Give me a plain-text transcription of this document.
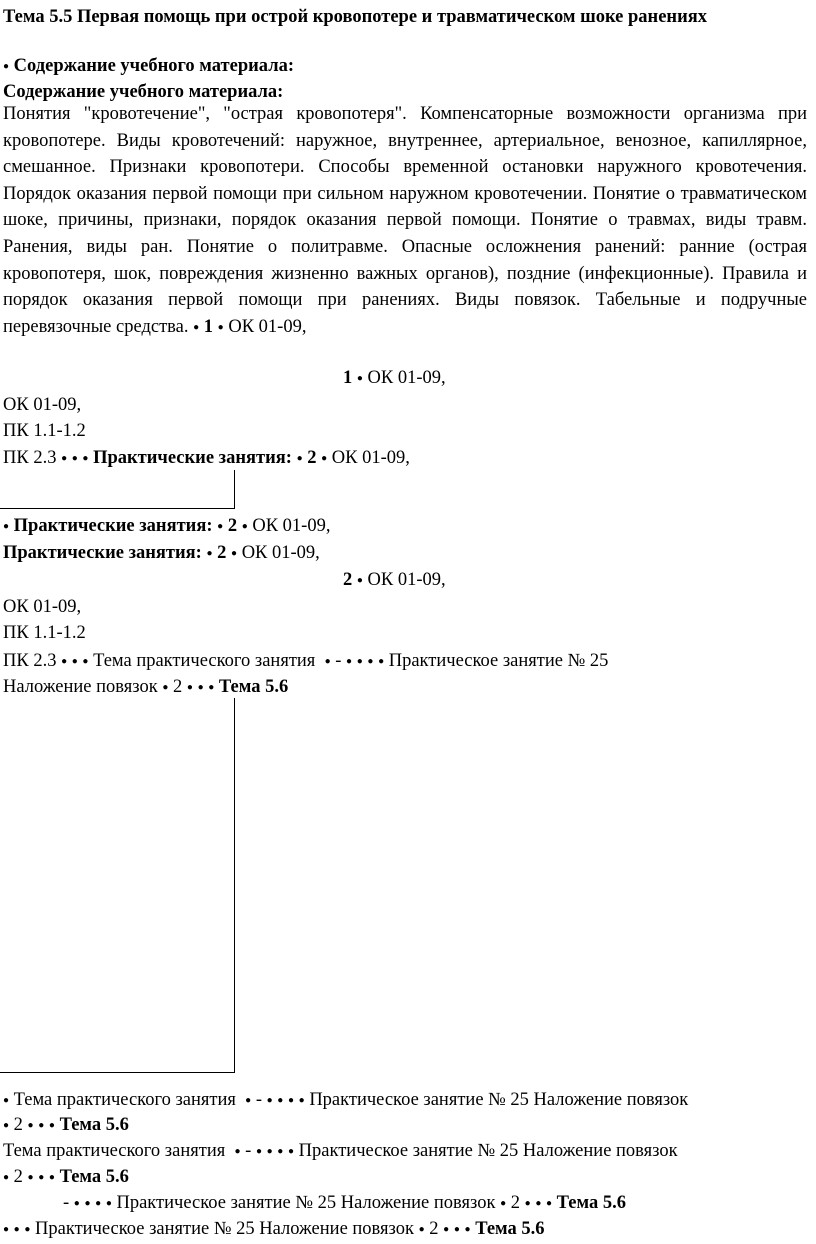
Тема 5.5 Первая помощь при острой кровопотере и травматическом шоке ранениях
● Содержание учебного материала:
Содержание учебного материала:
Понятия "кровотечение", "острая кровопотеря". Компенсаторные возможности организма при кровопотере. Виды кровотечений: наружное, внутреннее, артериальное, венозное, капиллярное, смешанное. Признаки кровопотери. Способы временной остановки наружного кровотечения. Порядок оказания первой помощи при сильном наружном кровотечении. Понятие о травматическом шоке, причины, признаки, порядок оказания первой помощи. Понятие о травмах, виды травм. Ранения, виды ран. Понятие о политравме. Опасные осложнения ранений: ранние (острая кровопотеря, шок, повреждения жизненно важных органов), поздние (инфекционные). Правила и порядок оказания первой помощи при ранениях. Виды повязок. Табельные и подручные перевязочные средства. ● 1 ● ОК 01-09,
1 ● ОК 01-09,
ОК 01-09,
ПК 1.1-1.2
ПК 2.3 ● ● ● Практические занятия: ● 2 ● ОК 01-09,
● Практические занятия: ● 2 ● ОК 01-09,
Практические занятия: ● 2 ● ОК 01-09,
2 ● ОК 01-09,
ОК 01-09,
ПК 1.1-1.2
ПК 2.3 ● ● ● Тема практического занятия ● - ● ● ● ● Практическое занятие № 25
Наложение повязок ● 2 ● ● ● Тема 5.6
● Тема практического занятия ● - ● ● ● ● Практическое занятие № 25 Наложение повязок
● 2 ● ● ● Тема 5.6
Тема практического занятия ● - ● ● ● ● Практическое занятие № 25 Наложение повязок
● 2 ● ● ● Тема 5.6
- ● ● ● ● Практическое занятие № 25 Наложение повязок ● 2 ● ● ● Тема 5.6
● ● ● Практическое занятие № 25 Наложение повязок ● 2 ● ● ● Тема 5.6
